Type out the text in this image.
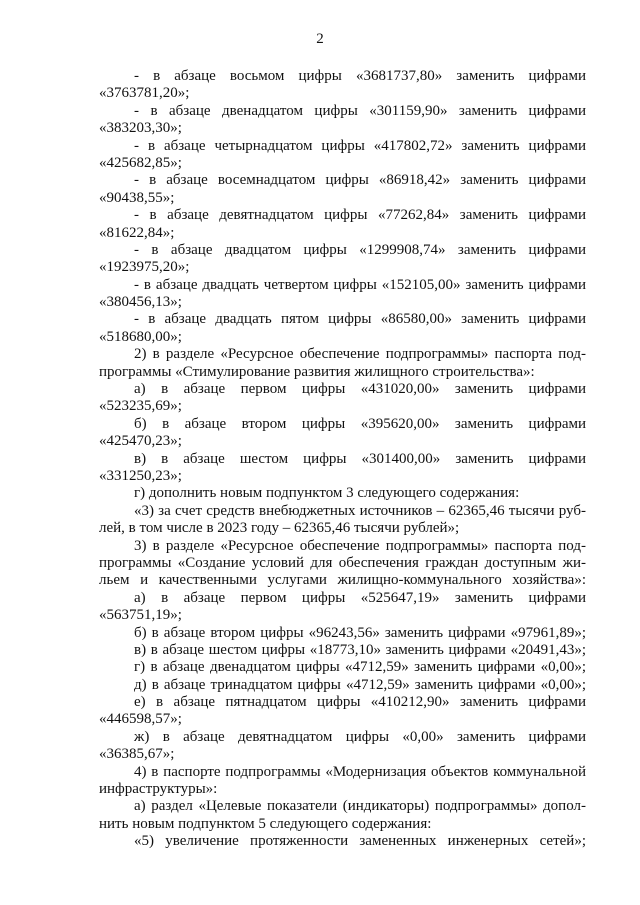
2
- в абзаце восьмом цифры «3681737,80» заменить цифрами
«3763781,20»;
- в абзаце двенадцатом цифры «301159,90» заменить цифрами
«383203,30»;
- в абзаце четырнадцатом цифры «417802,72» заменить цифрами
«425682,85»;
- в абзаце восемнадцатом цифры «86918,42» заменить цифрами
«90438,55»;
- в абзаце девятнадцатом цифры «77262,84» заменить цифрами
«81622,84»;
- в абзаце двадцатом цифры «1299908,74» заменить цифрами
«1923975,20»;
- в абзаце двадцать четвертом цифры «152105,00» заменить цифрами
«380456,13»;
- в абзаце двадцать пятом цифры «86580,00» заменить цифрами
«518680,00»;
2) в разделе «Ресурсное обеспечение подпрограммы» паспорта под-
программы «Стимулирование развития жилищного строительства»:
а) в абзаце первом цифры «431020,00» заменить цифрами
«523235,69»;
б) в абзаце втором цифры «395620,00» заменить цифрами
«425470,23»;
в) в абзаце шестом цифры «301400,00» заменить цифрами
«331250,23»;
г) дополнить новым подпунктом 3 следующего содержания:
«3) за счет средств внебюджетных источников – 62365,46 тысячи руб-
лей, в том числе в 2023 году – 62365,46 тысячи рублей»;
3) в разделе «Ресурсное обеспечение подпрограммы» паспорта под-
программы «Создание условий для обеспечения граждан доступным жи-
льем и качественными услугами жилищно-коммунального хозяйства»:
а) в абзаце первом цифры «525647,19» заменить цифрами
«563751,19»;
б) в абзаце втором цифры «96243,56» заменить цифрами «97961,89»;
в) в абзаце шестом цифры «18773,10» заменить цифрами «20491,43»;
г) в абзаце двенадцатом цифры «4712,59» заменить цифрами «0,00»;
д) в абзаце тринадцатом цифры «4712,59» заменить цифрами «0,00»;
е) в абзаце пятнадцатом цифры «410212,90» заменить цифрами
«446598,57»;
ж) в абзаце девятнадцатом цифры «0,00» заменить цифрами
«36385,67»;
4) в паспорте подпрограммы «Модернизация объектов коммунальной
инфраструктуры»:
а) раздел «Целевые показатели (индикаторы) подпрограммы» допол-
нить новым подпунктом 5 следующего содержания:
«5) увеличение протяженности замененных инженерных сетей»;
